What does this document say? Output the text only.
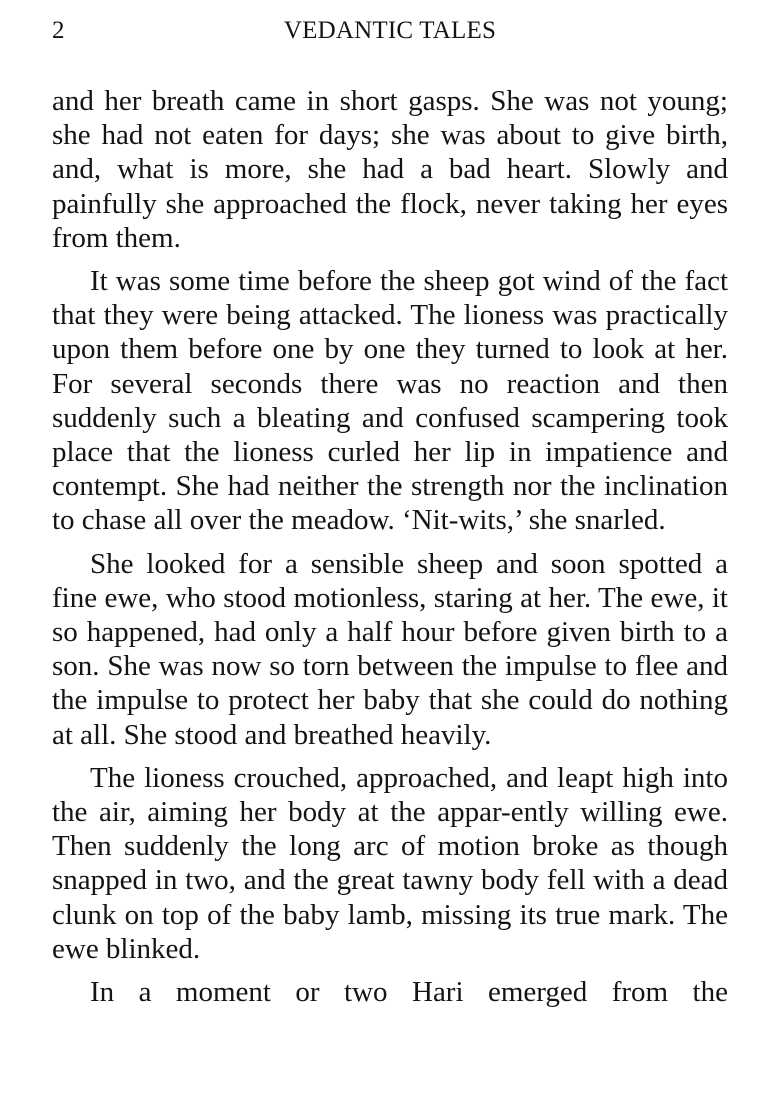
2	VEDANTIC TALES

and her breath came in short gasps. She was not young; she had not eaten for days; she was about to give birth, and, what is more, she had a bad heart. Slowly and painfully she approached the flock, never taking her eyes from them.

It was some time before the sheep got wind of the fact that they were being attacked. The lioness was practically upon them before one by one they turned to look at her. For several seconds there was no reaction and then suddenly such a bleating and confused scampering took place that the lioness curled her lip in impatience and contempt. She had neither the strength nor the inclination to chase all over the meadow. ‘Nit-wits,’ she snarled.

She looked for a sensible sheep and soon spotted a fine ewe, who stood motionless, staring at her. The ewe, it so happened, had only a half hour before given birth to a son. She was now so torn between the impulse to flee and the impulse to protect her baby that she could do nothing at all. She stood and breathed heavily.

The lioness crouched, approached, and leapt high into the air, aiming her body at the appar-ently willing ewe. Then suddenly the long arc of motion broke as though snapped in two, and the great tawny body fell with a dead clunk on top of the baby lamb, missing its true mark. The ewe blinked.

In a moment or two Hari emerged from the
